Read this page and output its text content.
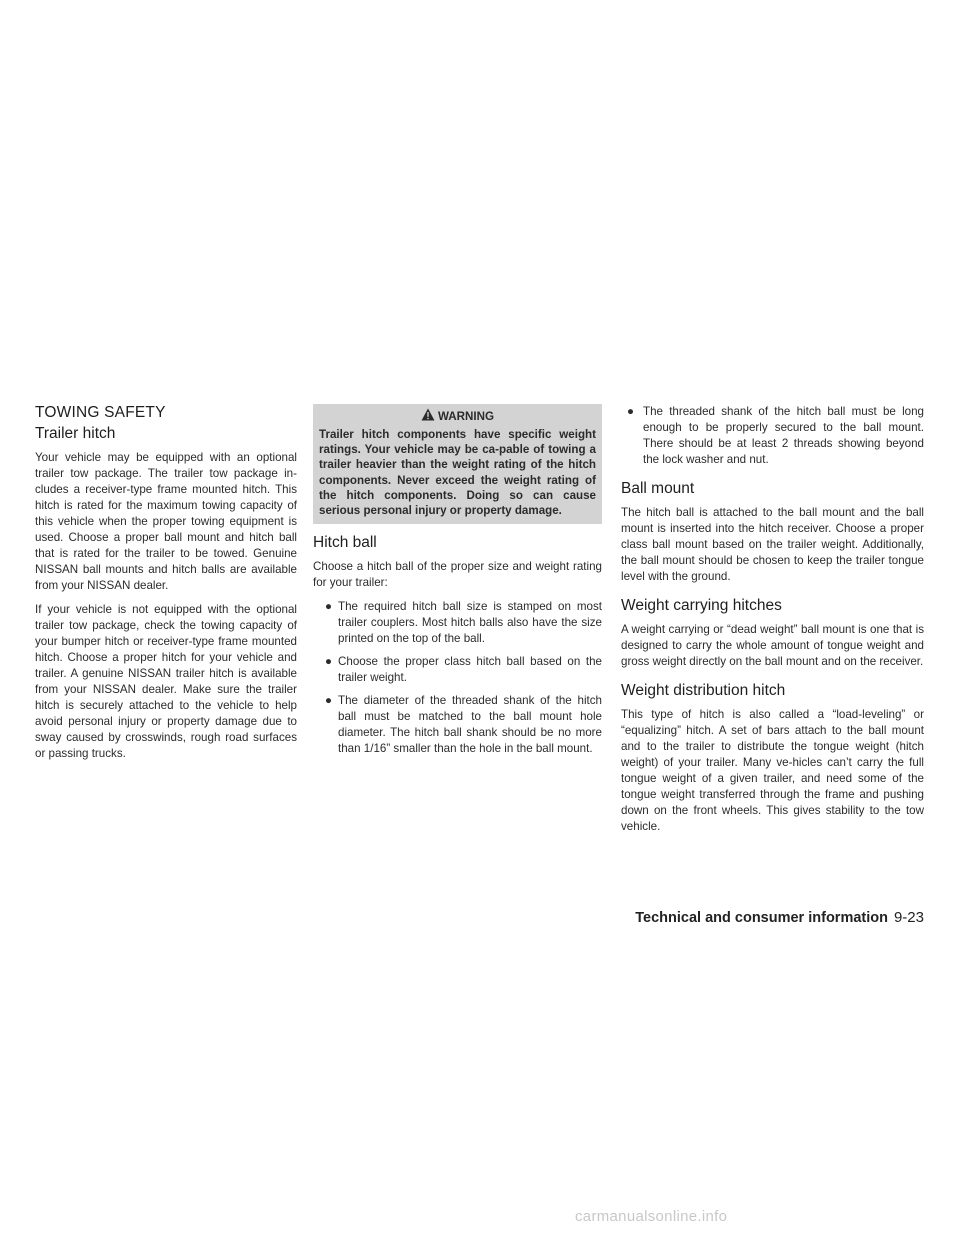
TOWING SAFETY
Trailer hitch

Your vehicle may be equipped with an optional trailer tow package. The trailer tow package in-cludes a receiver-type frame mounted hitch. This hitch is rated for the maximum towing capacity of this vehicle when the proper towing equipment is used. Choose a proper ball mount and hitch ball that is rated for the trailer to be towed. Genuine NISSAN ball mounts and hitch balls are available from your NISSAN dealer.

If your vehicle is not equipped with the optional trailer tow package, check the towing capacity of your bumper hitch or receiver-type frame mounted hitch. Choose a proper hitch for your vehicle and trailer. A genuine NISSAN trailer hitch is available from your NISSAN dealer. Make sure the trailer hitch is securely attached to the vehicle to help avoid personal injury or property damage due to sway caused by crosswinds, rough road surfaces or passing trucks.

WARNING

Trailer hitch components have specific weight ratings. Your vehicle may be ca-pable of towing a trailer heavier than the weight rating of the hitch components. Never exceed the weight rating of the hitch components. Doing so can cause serious personal injury or property damage.

Hitch ball

Choose a hitch ball of the proper size and weight rating for your trailer:

● The required hitch ball size is stamped on most trailer couplers. Most hitch balls also have the size printed on the top of the ball.
● Choose the proper class hitch ball based on the trailer weight.
● The diameter of the threaded shank of the hitch ball must be matched to the ball mount hole diameter. The hitch ball shank should be no more than 1/16” smaller than the hole in the ball mount.
● The threaded shank of the hitch ball must be long enough to be properly secured to the ball mount. There should be at least 2 threads showing beyond the lock washer and nut.
Ball mount

The hitch ball is attached to the ball mount and the ball mount is inserted into the hitch receiver. Choose a proper class ball mount based on the trailer weight. Additionally, the ball mount should be chosen to keep the trailer tongue level with the ground.

Weight carrying hitches

A weight carrying or “dead weight” ball mount is one that is designed to carry the whole amount of tongue weight and gross weight directly on the ball mount and on the receiver.

Weight distribution hitch

This type of hitch is also called a “load-leveling” or “equalizing” hitch. A set of bars attach to the ball mount and to the trailer to distribute the tongue weight (hitch weight) of your trailer. Many ve-hicles can’t carry the full tongue weight of a given trailer, and need some of the tongue weight transferred through the frame and pushing down on the front wheels. This gives stability to the tow vehicle.

Technical and consumer information 9-23
carmanualsonline.info
